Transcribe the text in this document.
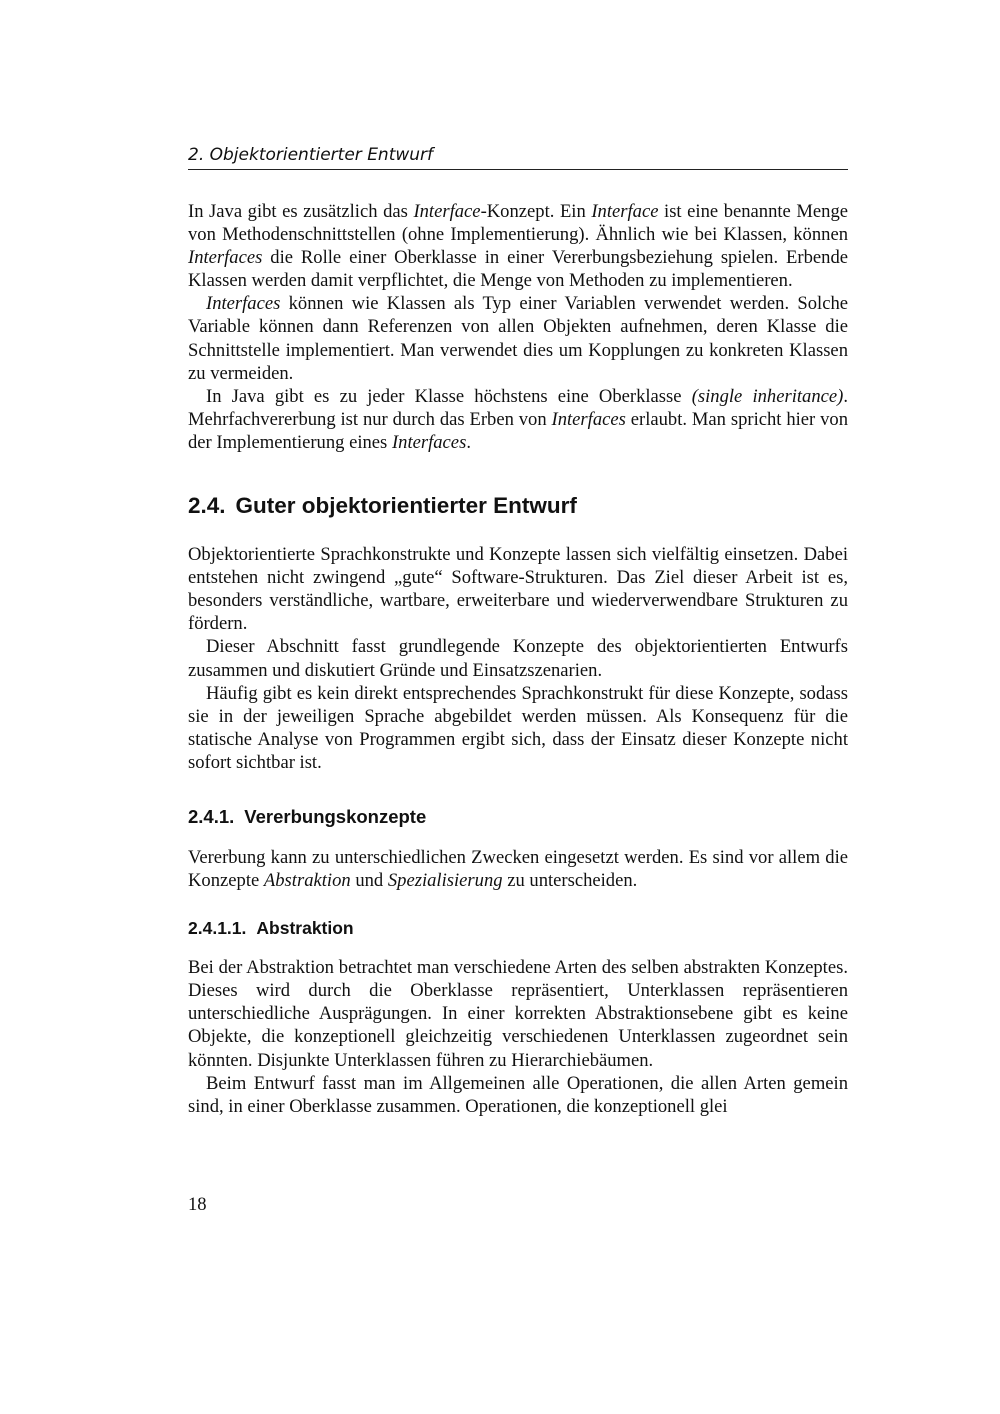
2. Objektorientierter Entwurf

In Java gibt es zusätzlich das Interface-Konzept. Ein Interface ist eine benannte Menge von Methodenschnittstellen (ohne Implementierung). Ähnlich wie bei Klassen, können Interfaces die Rolle einer Oberklasse in einer Vererbungsbeziehung spielen. Erbende Klassen werden damit verpflichtet, die Menge von Methoden zu implementieren.

Interfaces können wie Klassen als Typ einer Variablen verwendet werden. Solche Variable können dann Referenzen von allen Objekten aufnehmen, deren Klasse die Schnittstelle implementiert. Man verwendet dies um Kopplungen zu konkreten Klassen zu vermeiden.

In Java gibt es zu jeder Klasse höchstens eine Oberklasse (single inheritance). Mehrfachvererbung ist nur durch das Erben von Interfaces erlaubt. Man spricht hier von der Implementierung eines Interfaces.

2.4. Guter objektorientierter Entwurf

Objektorientierte Sprachkonstrukte und Konzepte lassen sich vielfältig einsetzen. Dabei entstehen nicht zwingend „gute“ Software-Strukturen. Das Ziel dieser Arbeit ist es, besonders verständliche, wartbare, erweiterbare und wiederverwendbare Strukturen zu fördern.

Dieser Abschnitt fasst grundlegende Konzepte des objektorientierten Entwurfs zusammen und diskutiert Gründe und Einsatzszenarien.

Häufig gibt es kein direkt entsprechendes Sprachkonstrukt für diese Konzepte, sodass sie in der jeweiligen Sprache abgebildet werden müssen. Als Konsequenz für die statische Analyse von Programmen ergibt sich, dass der Einsatz dieser Konzepte nicht sofort sichtbar ist.

2.4.1. Vererbungskonzepte

Vererbung kann zu unterschiedlichen Zwecken eingesetzt werden. Es sind vor allem die Konzepte Abstraktion und Spezialisierung zu unterscheiden.

2.4.1.1. Abstraktion

Bei der Abstraktion betrachtet man verschiedene Arten des selben abstrakten Konzeptes. Dieses wird durch die Oberklasse repräsentiert, Unterklassen repräsentieren unterschiedliche Ausprägungen. In einer korrekten Abstraktionsebene gibt es keine Objekte, die konzeptionell gleichzeitig verschiedenen Unterklassen zugeordnet sein könnten. Disjunkte Unterklassen führen zu Hierarchiebäumen.

Beim Entwurf fasst man im Allgemeinen alle Operationen, die allen Arten gemein sind, in einer Oberklasse zusammen. Operationen, die konzeptionell glei

18
